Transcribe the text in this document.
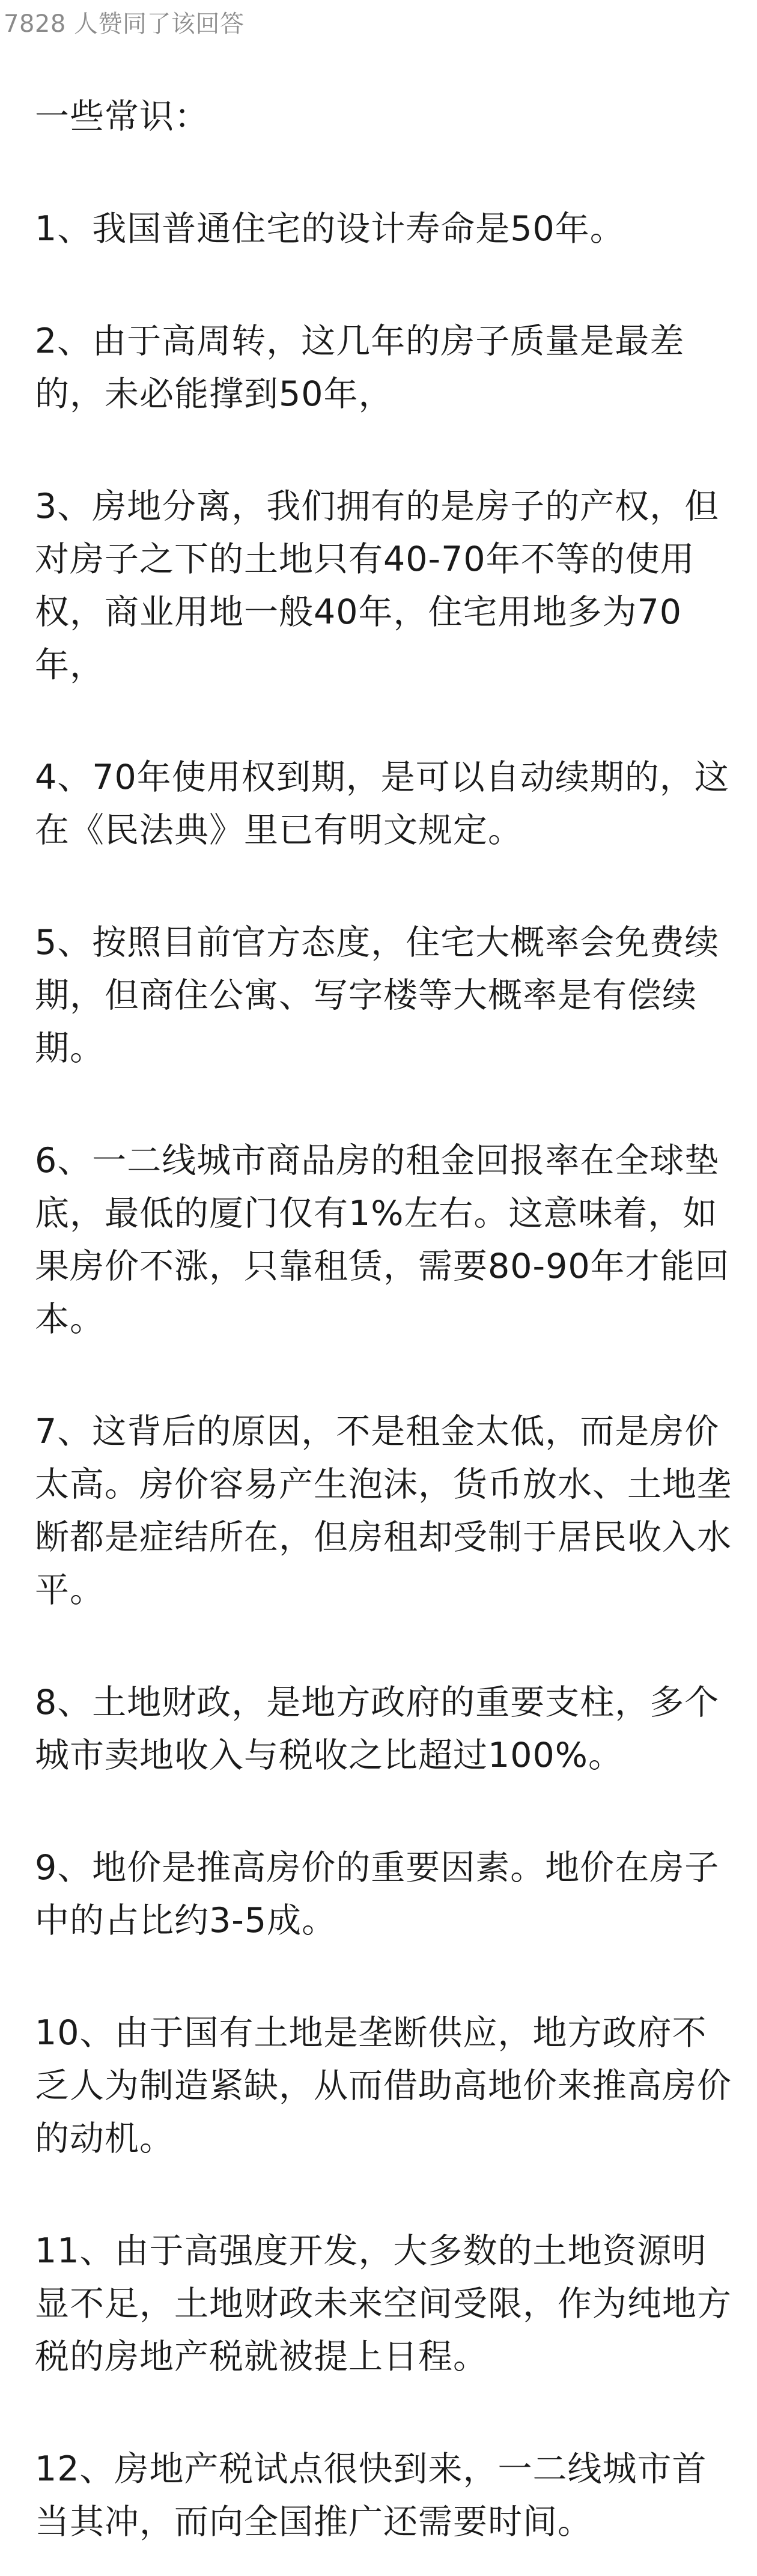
7828 人赞同了该回答

一些常识：

1、我国普通住宅的设计寿命是50年。

2、由于高周转，这几年的房子质量是最差的，未必能撑到50年，

3、房地分离，我们拥有的是房子的产权，但对房子之下的土地只有40-70年不等的使用权，商业用地一般40年，住宅用地多为70年，

4、70年使用权到期，是可以自动续期的，这在《民法典》里已有明文规定。

5、按照目前官方态度，住宅大概率会免费续期，但商住公寓、写字楼等大概率是有偿续期。

6、一二线城市商品房的租金回报率在全球垫底，最低的厦门仅有1%左右。这意味着，如果房价不涨，只靠租赁，需要80-90年才能回本。

7、这背后的原因，不是租金太低，而是房价太高。房价容易产生泡沫，货币放水、土地垄断都是症结所在，但房租却受制于居民收入水平。

8、土地财政，是地方政府的重要支柱，多个城市卖地收入与税收之比超过100%。

9、地价是推高房价的重要因素。地价在房子中的占比约3-5成。

10、由于国有土地是垄断供应，地方政府不乏人为制造紧缺，从而借助高地价来推高房价的动机。

11、由于高强度开发，大多数的土地资源明显不足，土地财政未来空间受限，作为纯地方税的房地产税就被提上日程。

12、房地产税试点很快到来，一二线城市首当其冲，而向全国推广还需要时间。
